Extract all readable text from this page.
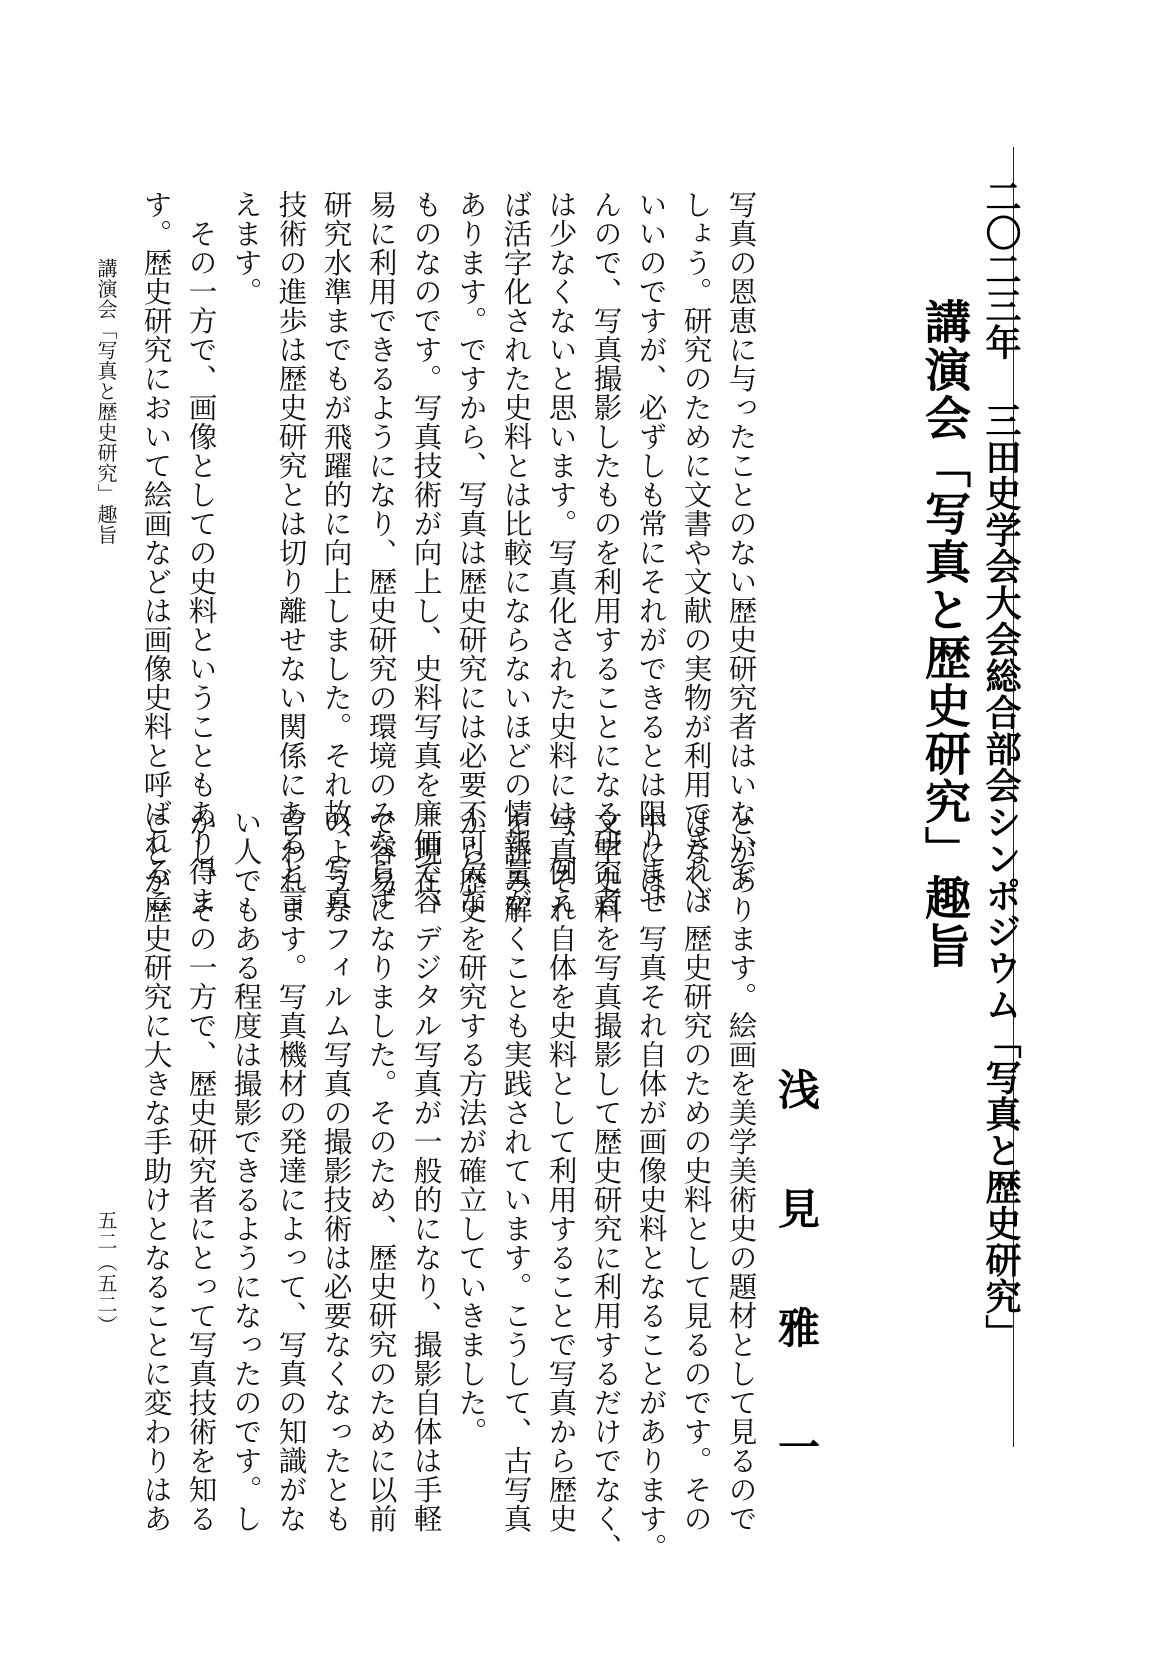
二〇二三年 三田史学会大会総合部会シンポジウム「写真と歴史研究」
講演会「写真と歴史研究」趣旨
浅 見 雅 一

写真の恩恵に与ったことのない歴史研究者はいないで

しょう。研究のために文書や文献の実物が利用できれば

いいのですが、必ずしも常にそれができるとは限りませ

んので、写真撮影したものを利用することになる研究者

は少なくないと思います。写真化された史料には、例え

ば活字化された史料とは比較にならないほどの情報量が

あります。ですから、写真は歴史研究には必要不可欠な

ものなのです。写真技術が向上し、史料写真を廉価で容

易に利用できるようになり、歴史研究の環境のみならず

研究水準までもが飛躍的に向上しました。それ故、写真

技術の進歩は歴史研究とは切り離せない関係にあると言

えます。

その一方で、画像としての史料ということもあり得ま

す。歴史研究において絵画などは画像史料と呼ばれるこ

とがあります。絵画を美学美術史の題材として見るので

はなく、歴史研究のための史料として見るのです。その

中には、写真それ自体が画像史料となることがあります。

文字史料を写真撮影して歴史研究に利用するだけでなく、

写真それ自体を史料として利用することで写真から歴史

を読み解くことも実践されています。こうして、古写真

から歴史を研究する方法が確立していきました。

現在、デジタル写真が一般的になり、撮影自体は手軽

で容易になりました。そのため、歴史研究のために以前

のようなフィルム写真の撮影技術は必要なくなったとも

言われます。写真機材の発達によって、写真の知識がな

い人でもある程度は撮影できるようになったのです。し

かし、その一方で、歴史研究者にとって写真技術を知る

ことが歴史研究に大きな手助けとなることに変わりはあ

講演会「写真と歴史研究」趣旨
五二（五二）
